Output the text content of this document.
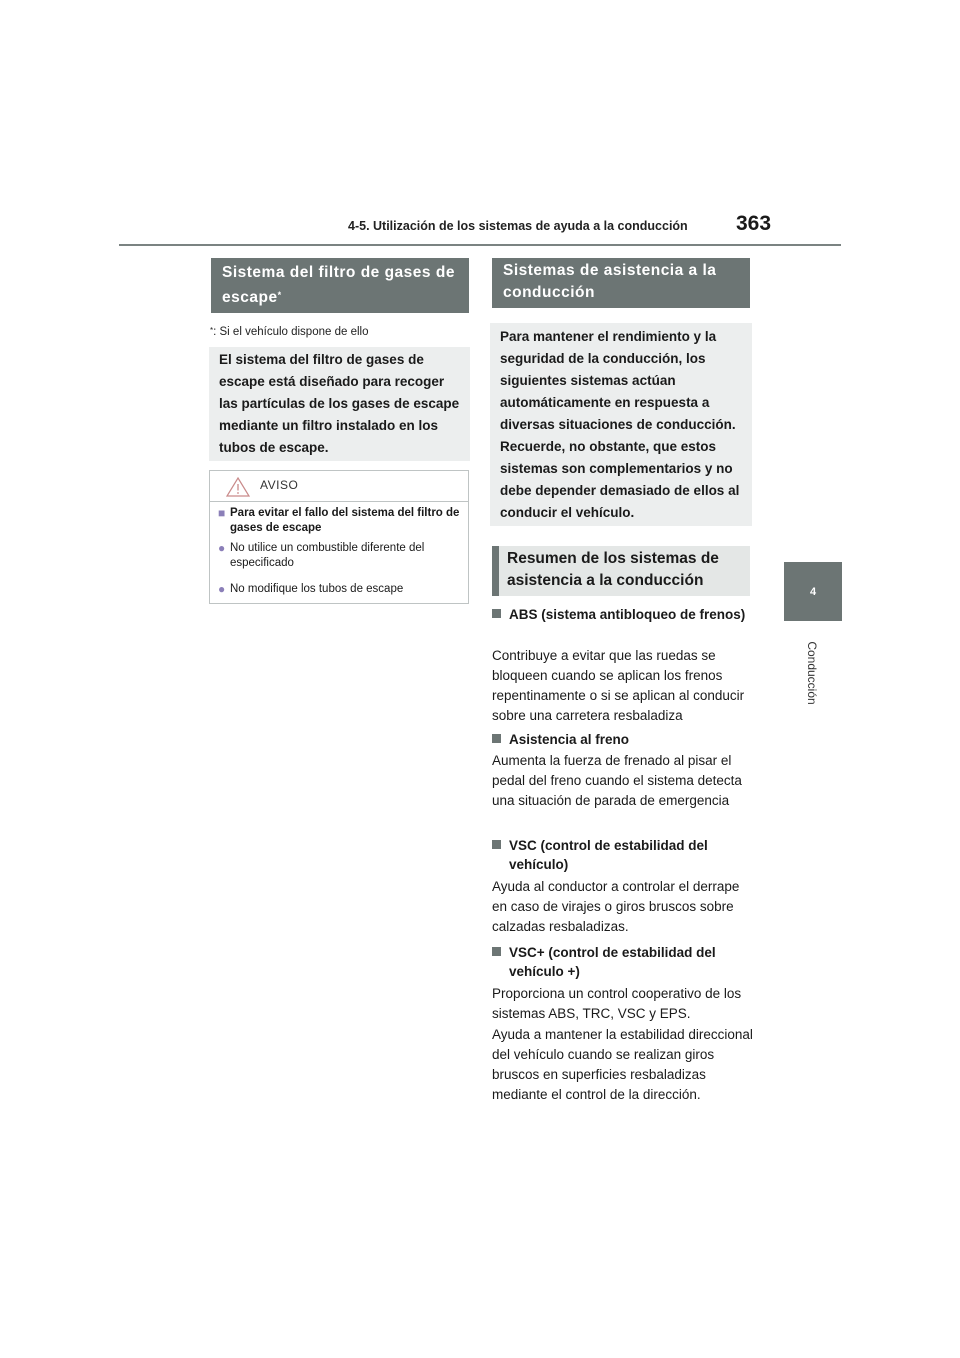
4-5. Utilización de los sistemas de ayuda a la conducción 363
4
Conducción
Sistema del filtro de gases de escape*
*: Si el vehículo dispone de ello
El sistema del filtro de gases de escape está diseñado para recoger las partículas de los gases de escape mediante un filtro instalado en los tubos de escape.
AVISO
■ Para evitar el fallo del sistema del filtro de gases de escape
● No utilice un combustible diferente del especificado
● No modifique los tubos de escape
Sistemas de asistencia a la conducción
Para mantener el rendimiento y la seguridad de la conducción, los siguientes sistemas actúan automáticamente en respuesta a diversas situaciones de conducción. Recuerde, no obstante, que estos sistemas son complementarios y no debe depender demasiado de ellos al conducir el vehículo.
Resumen de los sistemas de asistencia a la conducción
ABS (sistema antibloqueo de frenos)
Contribuye a evitar que las ruedas se bloqueen cuando se aplican los frenos repentinamente o si se aplican al conducir sobre una carretera resbaladiza
Asistencia al freno
Aumenta la fuerza de frenado al pisar el pedal del freno cuando el sistema detecta una situación de parada de emergencia
VSC (control de estabilidad del vehículo)
Ayuda al conductor a controlar el derrape en caso de virajes o giros bruscos sobre calzadas resbaladizas.
VSC+ (control de estabilidad del vehículo +)
Proporciona un control cooperativo de los sistemas ABS, TRC, VSC y EPS.
Ayuda a mantener la estabilidad direccional del vehículo cuando se realizan giros bruscos en superficies resbaladizas mediante el control de la dirección.
